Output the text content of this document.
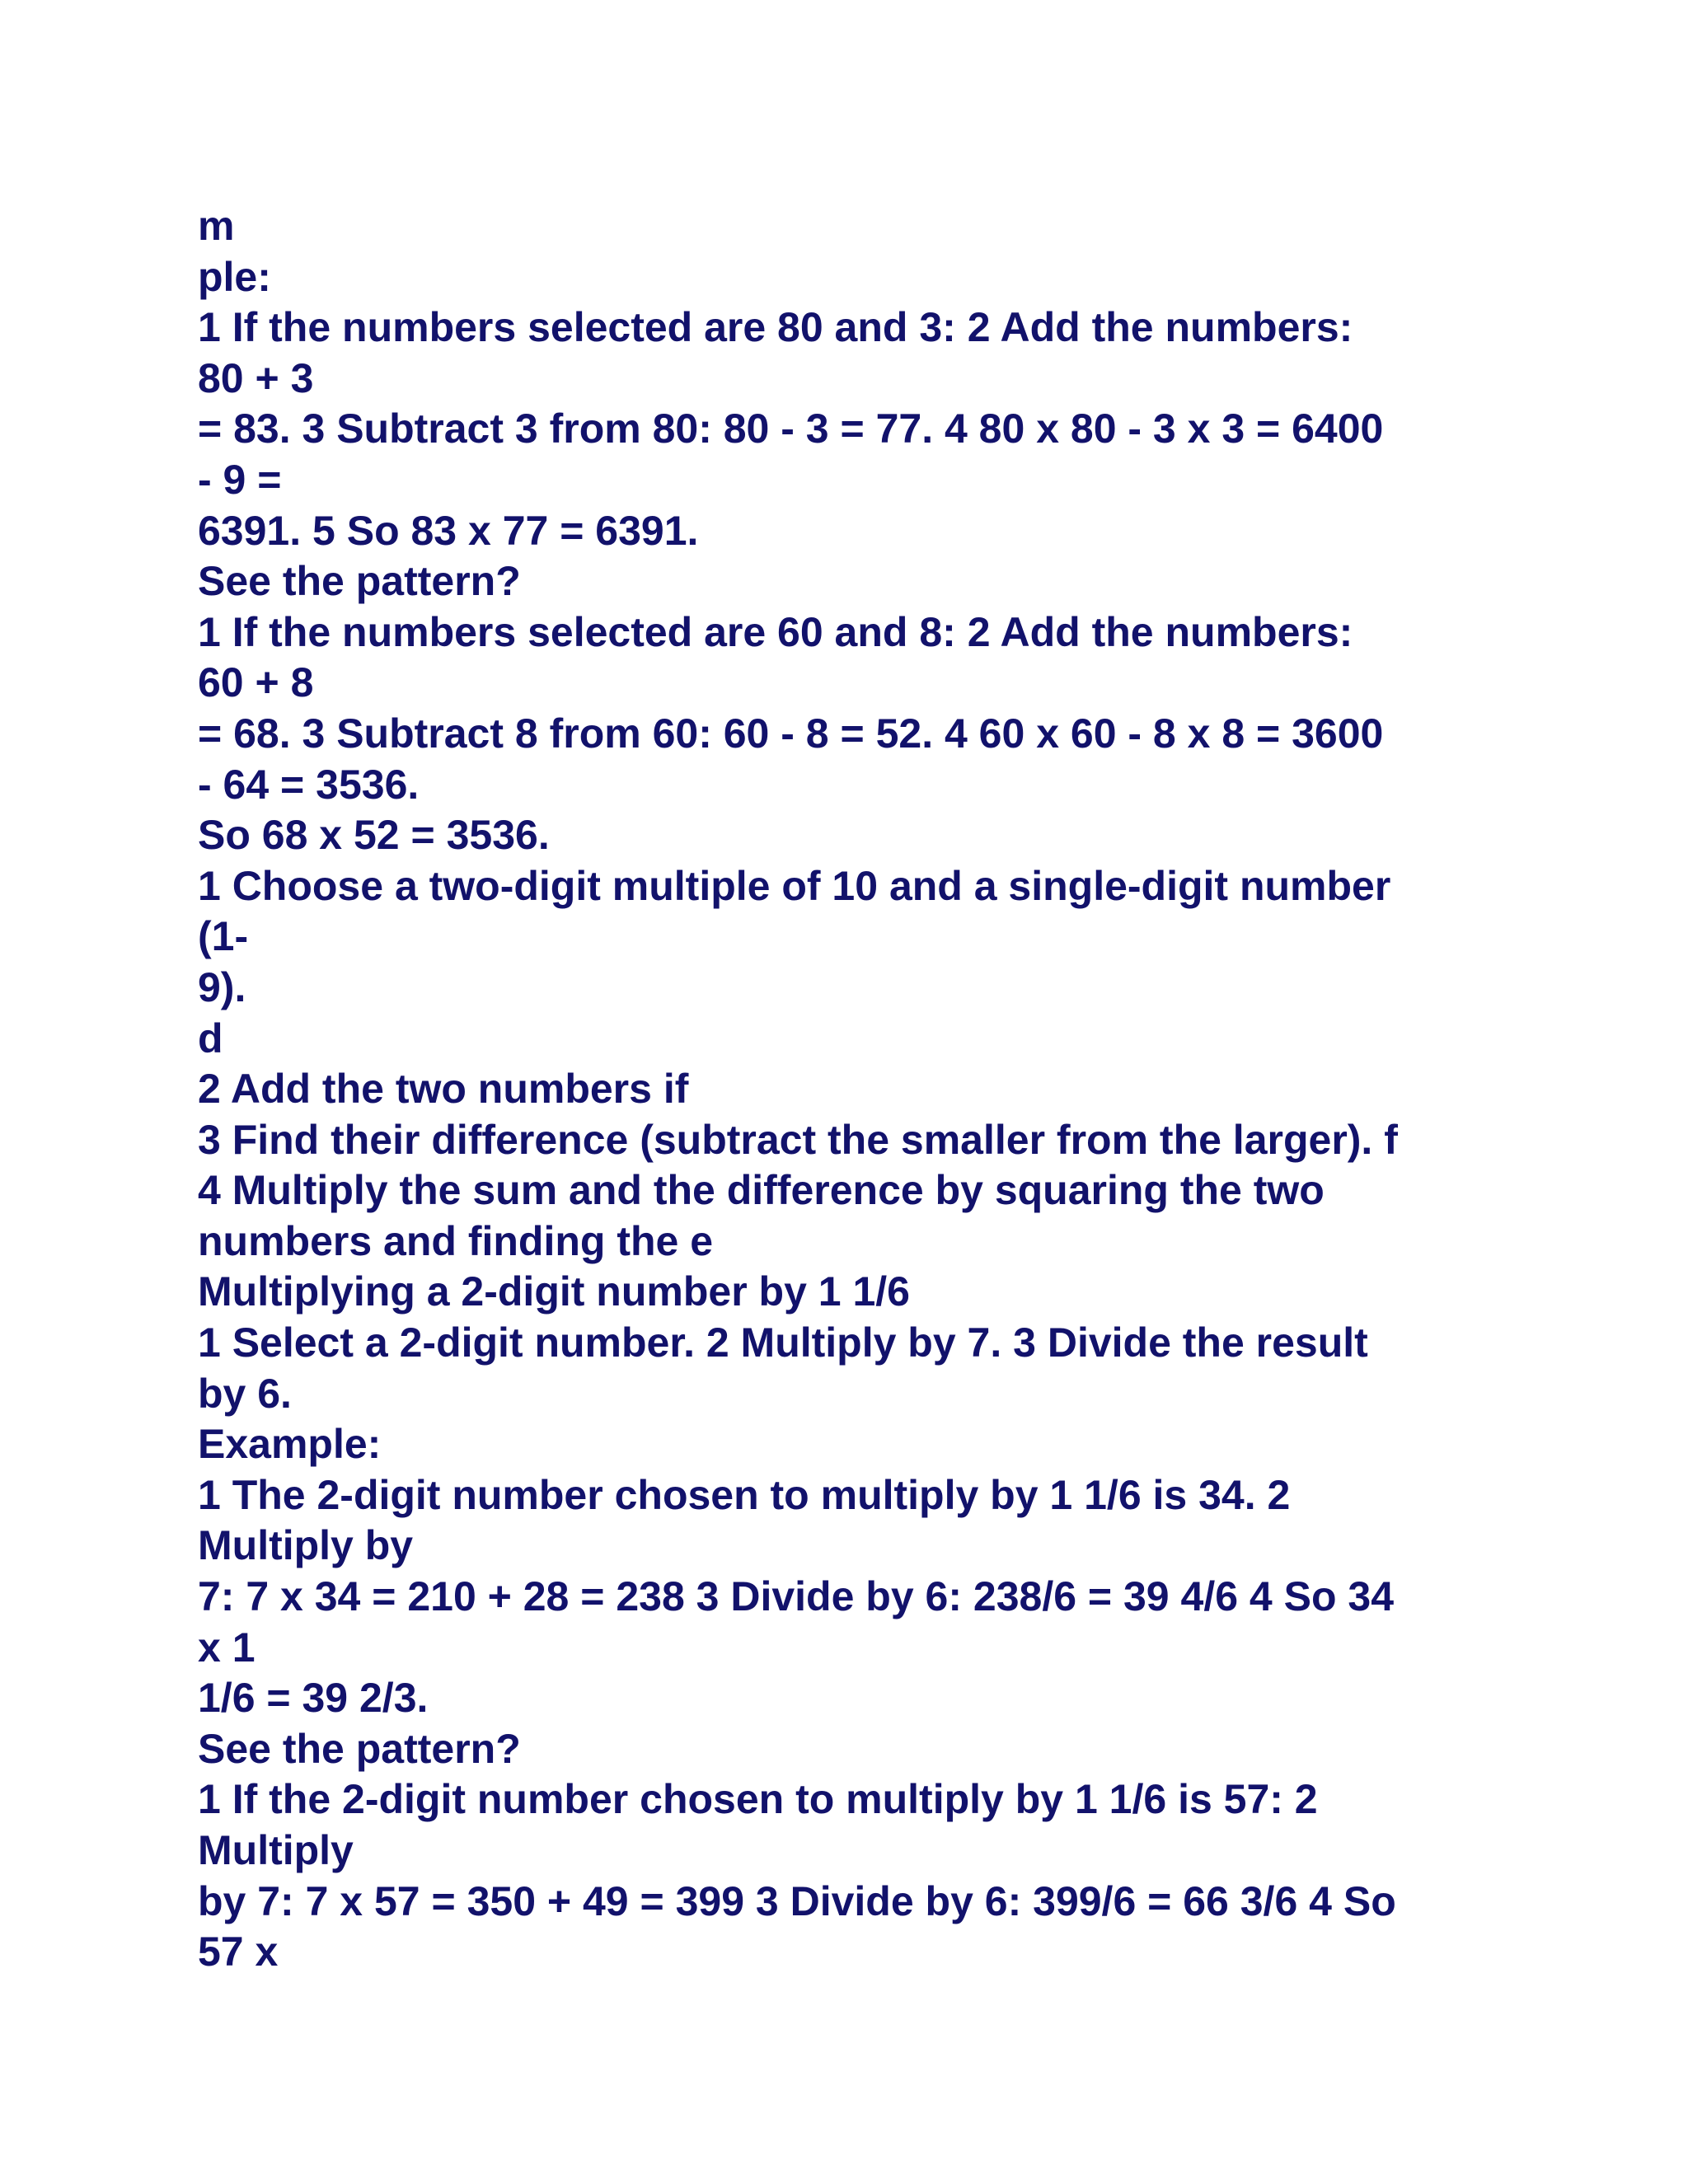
m

ple:

1 If the numbers selected are 80 and 3: 2 Add the numbers:

80 + 3

= 83. 3 Subtract 3 from 80: 80 - 3 = 77. 4 80 x 80 - 3 x 3 = 6400

- 9 =

6391. 5 So 83 x 77 = 6391.

See the pattern?

1 If the numbers selected are 60 and 8: 2 Add the numbers:

60 + 8

= 68. 3 Subtract 8 from 60: 60 - 8 = 52. 4 60 x 60 - 8 x 8 = 3600

- 64 = 3536.

So 68 x 52 = 3536.

1 Choose a two-digit multiple of 10 and a single-digit number

(1-

9).

d

2 Add the two numbers if

3 Find their difference (subtract the smaller from the larger). f

4 Multiply the sum and the difference by squaring the two

numbers and finding the e

Multiplying a 2-digit number by 1 1/6

1 Select a 2-digit number. 2 Multiply by 7. 3 Divide the result

by 6.

Example:

1 The 2-digit number chosen to multiply by 1 1/6 is 34. 2

Multiply by

7: 7 x 34 = 210 + 28 = 238 3 Divide by 6: 238/6 = 39 4/6 4 So 34

x 1

1/6 = 39 2/3.

See the pattern?

1 If the 2-digit number chosen to multiply by 1 1/6 is 57: 2

Multiply

by 7: 7 x 57 = 350 + 49 = 399 3 Divide by 6: 399/6 = 66 3/6 4 So

57 x
